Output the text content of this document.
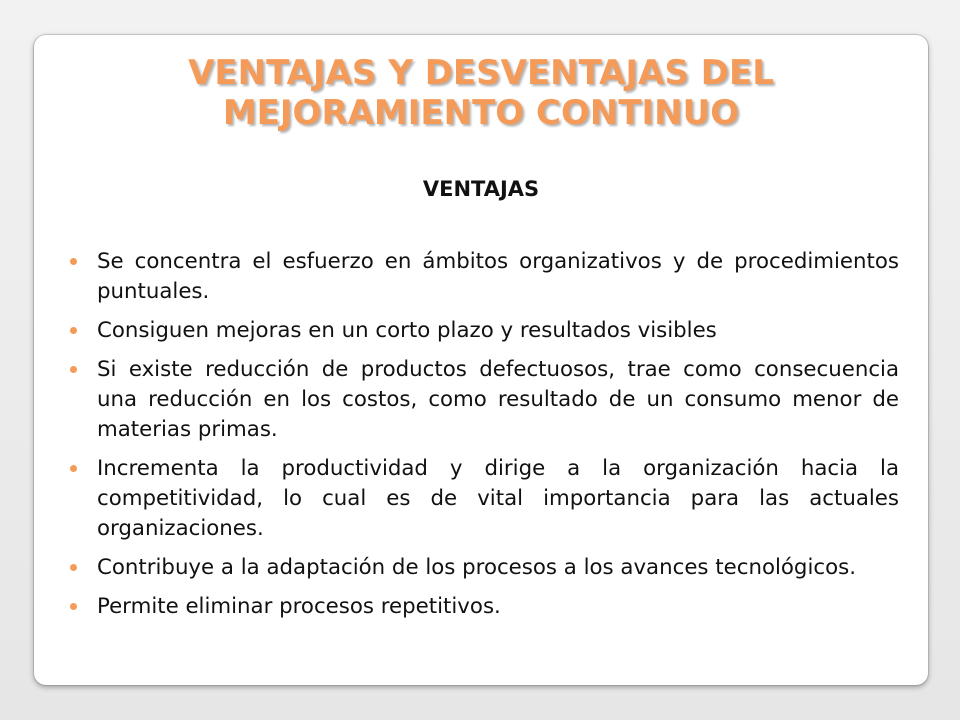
VENTAJAS Y DESVENTAJAS DEL
MEJORAMIENTO CONTINUO
VENTAJAS
Se concentra el esfuerzo en ámbitos organizativos y de procedimientos puntuales.
Consiguen mejoras en un corto plazo y resultados visibles
Si existe reducción de productos defectuosos, trae como consecuencia una reducción en los costos, como resultado de un consumo menor de materias primas.
Incrementa la productividad y dirige a la organización hacia la competitividad, lo cual es de vital importancia para las actuales organizaciones.
Contribuye a la adaptación de los procesos a los avances tecnológicos.
Permite eliminar procesos repetitivos.
